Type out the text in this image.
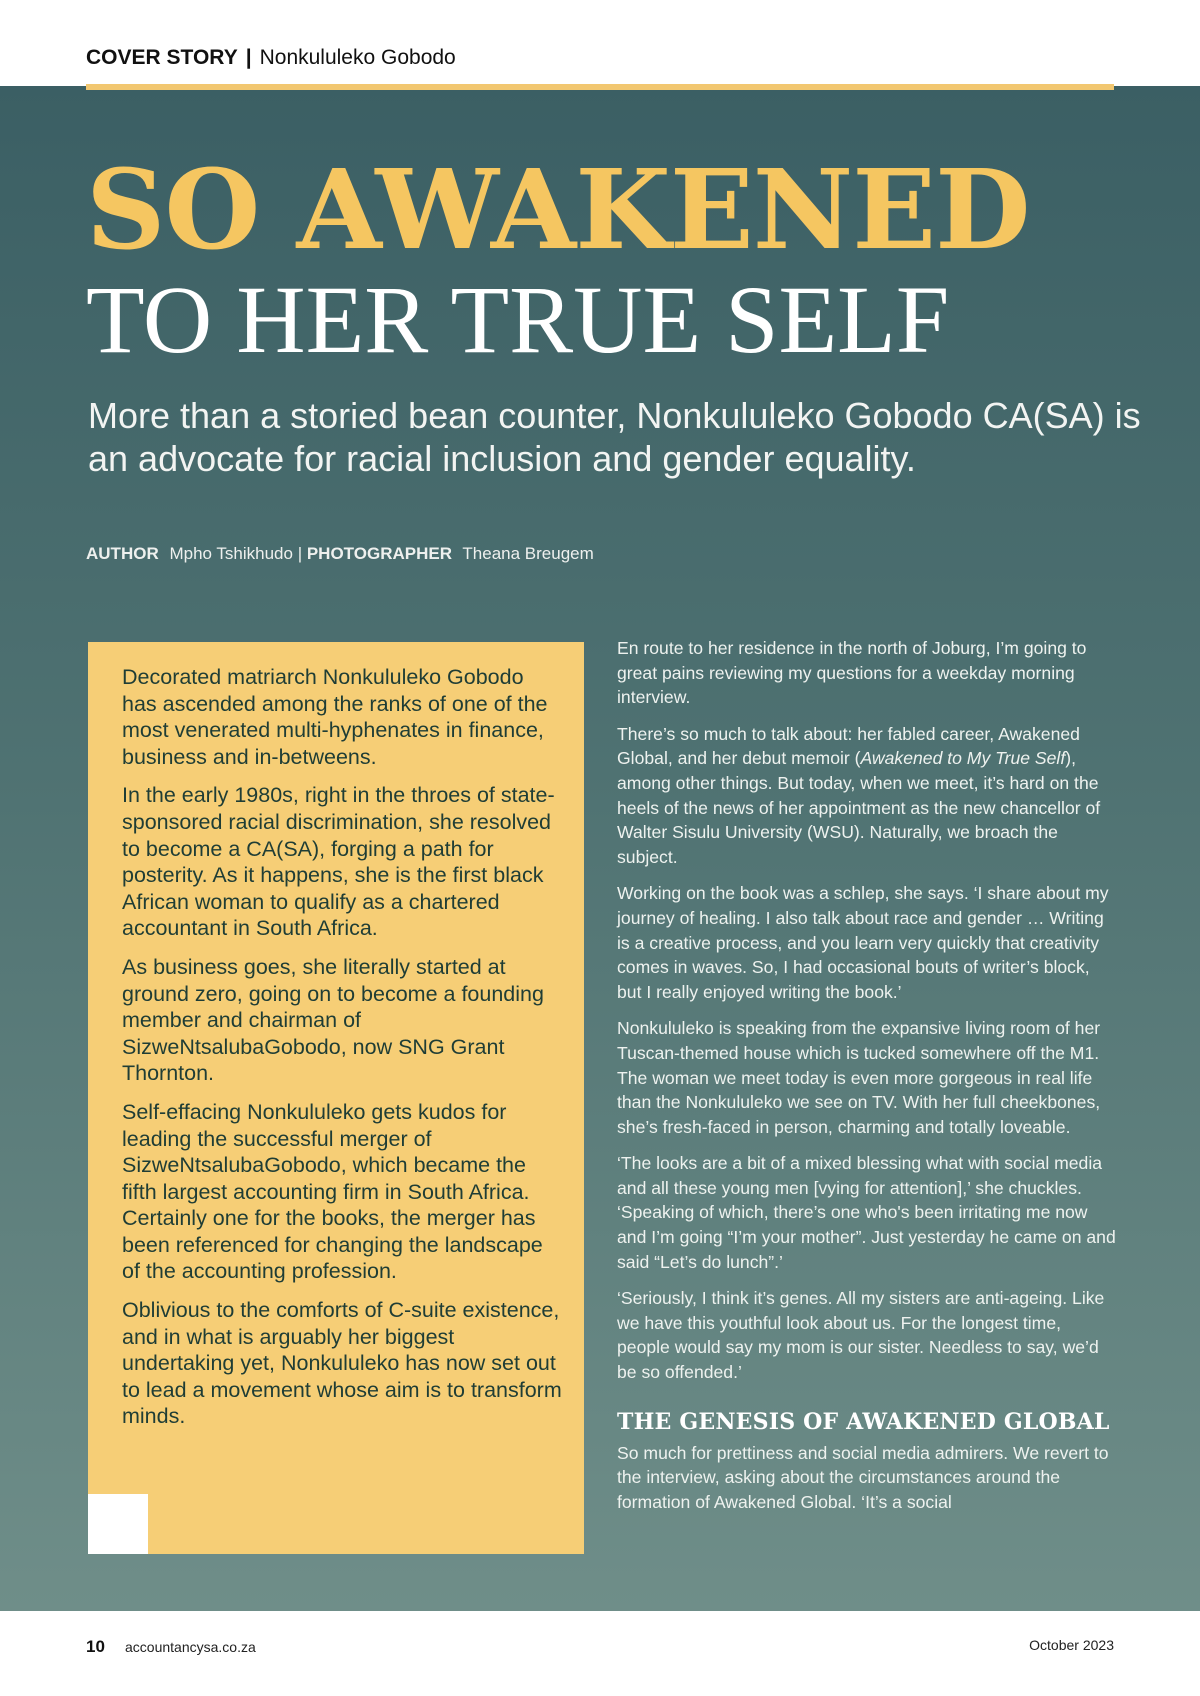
COVER STORY | Nonkululeko Gobodo
SO AWAKENED
TO HER TRUE SELF
More than a storied bean counter, Nonkululeko Gobodo CA(SA) is an advocate for racial inclusion and gender equality.
AUTHOR Mpho Tshikhudo | PHOTOGRAPHER Theana Breugem

Decorated matriarch Nonkululeko Gobodo has ascended among the ranks of one of the most venerated multi-hyphenates in finance, business and in-betweens.

In the early 1980s, right in the throes of state-sponsored racial discrimination, she resolved to become a CA(SA), forging a path for posterity. As it happens, she is the first black African woman to qualify as a chartered accountant in South Africa.

As business goes, she literally started at ground zero, going on to become a founding member and chairman of SizweNtsalubaGobodo, now SNG Grant Thornton.

Self-effacing Nonkululeko gets kudos for leading the successful merger of SizweNtsalubaGobodo, which became the fifth largest accounting firm in South Africa. Certainly one for the books, the merger has been referenced for changing the landscape of the accounting profession.

Oblivious to the comforts of C-suite existence, and in what is arguably her biggest undertaking yet, Nonkululeko has now set out to lead a movement whose aim is to transform minds.

En route to her residence in the north of Joburg, I’m going to great pains reviewing my questions for a weekday morning interview.

There’s so much to talk about: her fabled career, Awakened Global, and her debut memoir (Awakened to My True Self), among other things. But today, when we meet, it’s hard on the heels of the news of her appointment as the new chancellor of Walter Sisulu University (WSU). Naturally, we broach the subject.

Working on the book was a schlep, she says. ‘I share about my journey of healing. I also talk about race and gender … Writing is a creative process, and you learn very quickly that creativity comes in waves. So, I had occasional bouts of writer’s block, but I really enjoyed writing the book.’

Nonkululeko is speaking from the expansive living room of her Tuscan-themed house which is tucked somewhere off the M1. The woman we meet today is even more gorgeous in real life than the Nonkululeko we see on TV. With her full cheekbones, she’s fresh-faced in person, charming and totally loveable.

‘The looks are a bit of a mixed blessing what with social media and all these young men [vying for attention],’ she chuckles. ‘Speaking of which, there’s one who's been irritating me now and I’m going “I’m your mother”. Just yesterday he came on and said “Let’s do lunch”.’

‘Seriously, I think it’s genes. All my sisters are anti-ageing. Like we have this youthful look about us. For the longest time, people would say my mom is our sister. Needless to say, we’d be so offended.’

THE GENESIS OF AWAKENED GLOBAL

So much for prettiness and social media admirers. We revert to the interview, asking about the circumstances around the formation of Awakened Global. ‘It’s a social

10 accountancysa.co.za	October 2023
